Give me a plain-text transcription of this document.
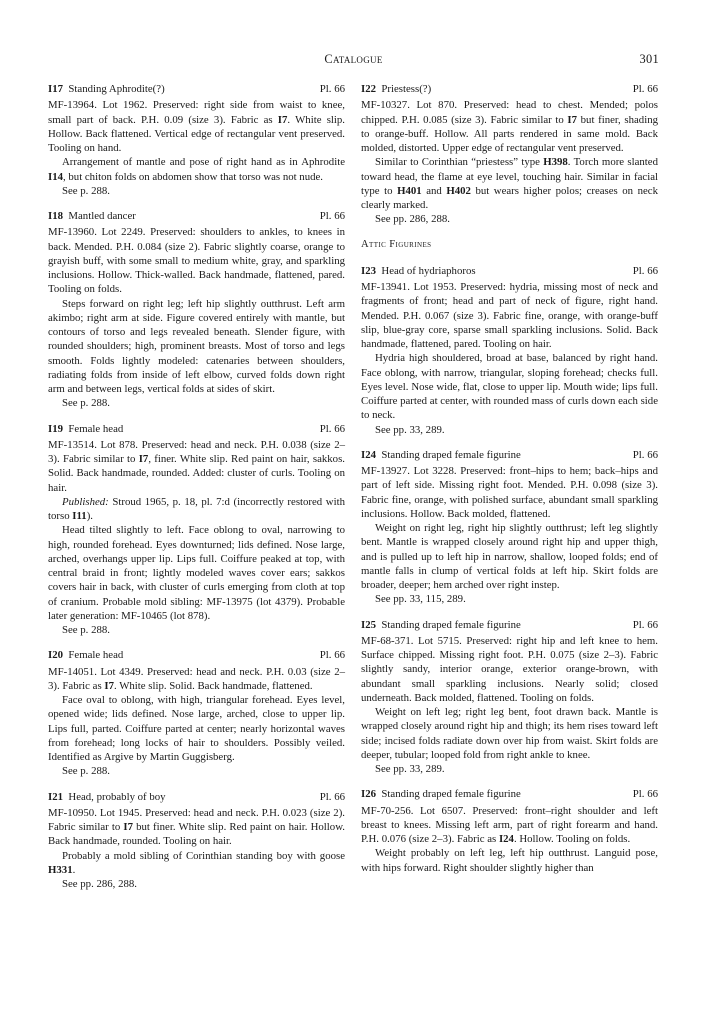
Catalogue	301
I17  Standing Aphrodite(?)	Pl. 66

MF-13964. Lot 1962. Preserved: right side from waist to knee, small part of back. P.H. 0.09 (size 3). Fabric as I7. White slip. Hollow. Back flattened. Vertical edge of rectangular vent preserved. Tooling on hand.

Arrangement of mantle and pose of right hand as in Aphrodite I14, but chiton folds on abdomen show that torso was not nude.

See p. 288.

I18  Mantled dancer	Pl. 66

MF-13960. Lot 2249. Preserved: shoulders to ankles, to knees in back. Mended. P.H. 0.084 (size 2). Fabric slightly coarse, orange to grayish buff, with some small to medium white, gray, and sparkling inclusions. Hollow. Thick-walled. Back handmade, flattened, pared. Tooling on folds.

Steps forward on right leg; left hip slightly outthrust. Left arm akimbo; right arm at side. Figure covered entirely with mantle, but contours of torso and legs revealed beneath. Slender figure, with rounded shoulders; high, prominent breasts. Most of torso and legs smooth. Folds lightly modeled: catenaries between shoulders, radiating folds from inside of left elbow, curved folds down right arm and between legs, vertical folds at sides of skirt.

See p. 288.

I19  Female head	Pl. 66

MF-13514. Lot 878. Preserved: head and neck. P.H. 0.038 (size 2–3). Fabric similar to I7, finer. White slip. Red paint on hair, sakkos. Solid. Back handmade, rounded. Added: cluster of curls. Tooling on hair.

Published: Stroud 1965, p. 18, pl. 7:d (incorrectly restored with torso I11).

Head tilted slightly to left. Face oblong to oval, narrowing to high, rounded forehead. Eyes downturned; lids defined. Nose large, arched, overhangs upper lip. Lips full. Coiffure peaked at top, with central braid in front; lightly modeled waves cover ears; sakkos covers hair in back, with cluster of curls emerging from cloth at top of cranium. Probable mold sibling: MF-13975 (lot 4379). Probable later generation: MF-10465 (lot 878).

See p. 288.

I20  Female head	Pl. 66

MF-14051. Lot 4349. Preserved: head and neck. P.H. 0.03 (size 2–3). Fabric as I7. White slip. Solid. Back handmade, flattened.

Face oval to oblong, with high, triangular forehead. Eyes level, opened wide; lids defined. Nose large, arched, close to upper lip. Lips full, parted. Coiffure parted at center; nearly horizontal waves from forehead; long locks of hair to shoulders. Possibly veiled. Identified as Argive by Martin Guggisberg.

See p. 288.

I21  Head, probably of boy	Pl. 66

MF-10950. Lot 1945. Preserved: head and neck. P.H. 0.023 (size 2). Fabric similar to I7 but finer. White slip. Red paint on hair. Hollow. Back handmade, rounded. Tooling on hair.

Probably a mold sibling of Corinthian standing boy with goose H331.

See pp. 286, 288.

I22  Priestess(?)	Pl. 66

MF-10327. Lot 870. Preserved: head to chest. Mended; polos chipped. P.H. 0.085 (size 3). Fabric similar to I7 but finer, shading to orange-buff. Hollow. All parts rendered in same mold. Back molded, distorted. Upper edge of rectangular vent preserved.

Similar to Corinthian “priestess” type H398. Torch more slanted toward head, the flame at eye level, touching hair. Similar in facial type to H401 and H402 but wears higher polos; creases on neck clearly marked.

See pp. 286, 288.

Attic Figurines
I23  Head of hydriaphoros	Pl. 66

MF-13941. Lot 1953. Preserved: hydria, missing most of neck and fragments of front; head and part of neck of figure, right hand. Mended. P.H. 0.067 (size 3). Fabric fine, orange, with orange-buff slip, blue-gray core, sparse small sparkling inclusions. Solid. Back handmade, flattened, pared. Tooling on hair.

Hydria high shouldered, broad at base, balanced by right hand. Face oblong, with narrow, triangular, sloping forehead; checks full. Eyes level. Nose wide, flat, close to upper lip. Mouth wide; lips full. Coiffure parted at center, with rounded mass of curls down each side to neck.

See pp. 33, 289.

I24  Standing draped female figurine	Pl. 66

MF-13927. Lot 3228. Preserved: front–hips to hem; back–hips and part of left side. Missing right foot. Mended. P.H. 0.098 (size 3). Fabric fine, orange, with polished surface, abundant small sparkling inclusions. Hollow. Back molded, flattened.

Weight on right leg, right hip slightly outthrust; left leg slightly bent. Mantle is wrapped closely around right hip and upper thigh, and is pulled up to left hip in narrow, shallow, looped folds; end of mantle falls in clump of vertical folds at left hip. Skirt folds are broader, deeper; hem arched over right instep.

See pp. 33, 115, 289.

I25  Standing draped female figurine	Pl. 66

MF-68-371. Lot 5715. Preserved: right hip and left knee to hem. Surface chipped. Missing right foot. P.H. 0.075 (size 2–3). Fabric slightly sandy, interior orange, exterior orange-brown, with abundant small sparkling inclusions. Nearly solid; closed underneath. Back molded, flattened. Tooling on folds.

Weight on left leg; right leg bent, foot drawn back. Mantle is wrapped closely around right hip and thigh; its hem rises toward left side; incised folds radiate down over hip from waist. Skirt folds are deeper, tubular; looped fold from right ankle to knee.

See pp. 33, 289.

I26  Standing draped female figurine	Pl. 66

MF-70-256. Lot 6507. Preserved: front–right shoulder and left breast to knees. Missing left arm, part of right forearm and hand. P.H. 0.076 (size 2–3). Fabric as I24. Hollow. Tooling on folds.

Weight probably on left leg, left hip outthrust. Languid pose, with hips forward. Right shoulder slightly higher than
